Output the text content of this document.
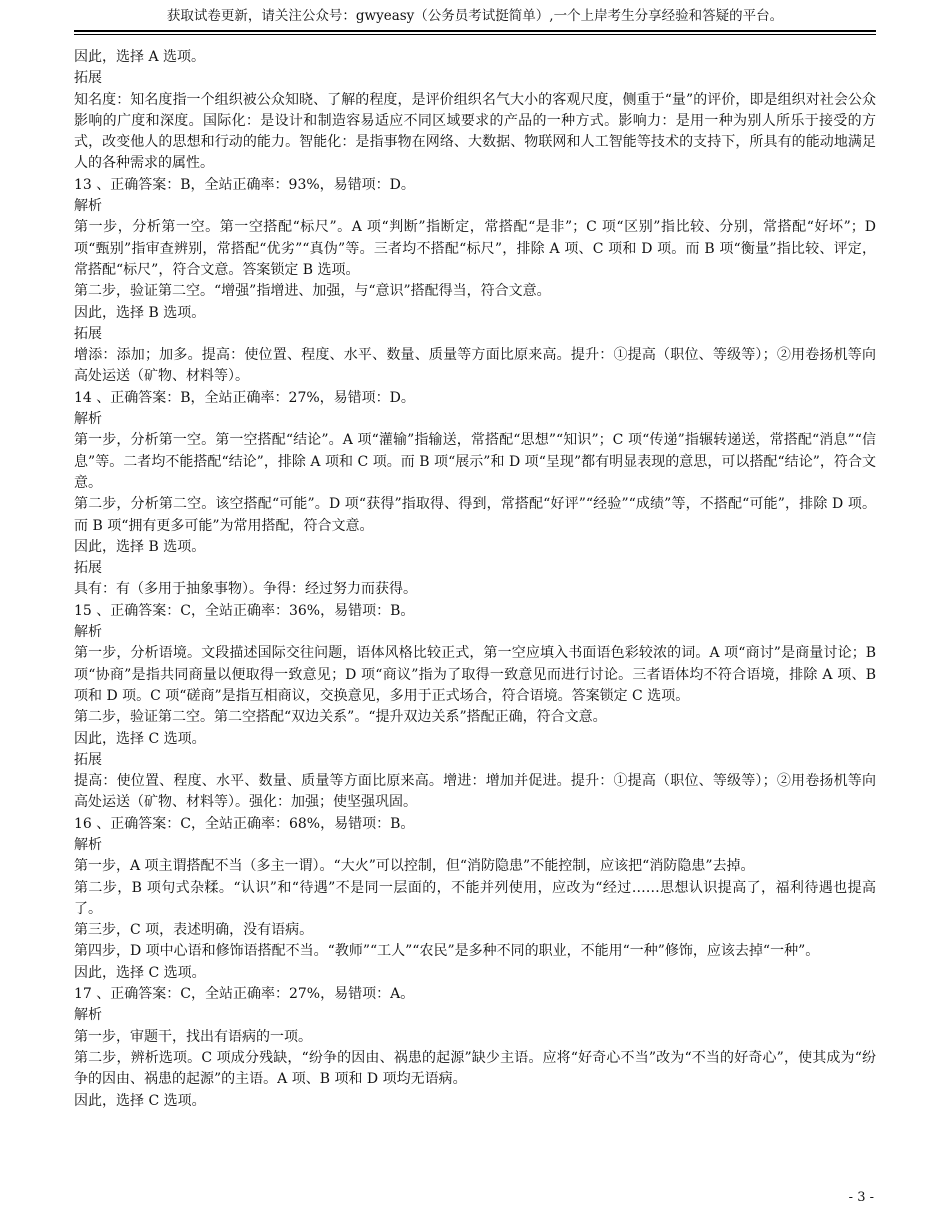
获取试卷更新，请关注公众号：gwyeasy（公务员考试挺简单）,一个上岸考生分享经验和答疑的平台。

因此，选择 A 选项。

拓展

知名度：知名度指一个组织被公众知晓、了解的程度，是评价组织名气大小的客观尺度，侧重于“量”的评价，即是组织对社会公众影响的广度和深度。国际化：是设计和制造容易适应不同区域要求的产品的一种方式。影响力：是用一种为别人所乐于接受的方式，改变他人的思想和行动的能力。智能化：是指事物在网络、大数据、物联网和人工智能等技术的支持下，所具有的能动地满足人的各种需求的属性。

13 、正确答案：B，全站正确率：93%，易错项：D。

解析

第一步，分析第一空。第一空搭配“标尺”。A 项“判断”指断定，常搭配“是非”；C 项“区别”指比较、分别，常搭配“好坏”；D 项“甄别”指审查辨别，常搭配“优劣”“真伪”等。三者均不搭配“标尺”，排除 A 项、C 项和 D 项。而 B 项“衡量”指比较、评定，常搭配“标尺”，符合文意。答案锁定 B 选项。

第二步，验证第二空。“增强”指增进、加强，与“意识”搭配得当，符合文意。

因此，选择 B 选项。

拓展

增添：添加；加多。提高：使位置、程度、水平、数量、质量等方面比原来高。提升：①提高（职位、等级等）；②用卷扬机等向高处运送（矿物、材料等）。

14 、正确答案：B，全站正确率：27%，易错项：D。

解析

第一步，分析第一空。第一空搭配“结论”。A 项“灌输”指输送，常搭配“思想”“知识”；C 项“传递”指辗转递送，常搭配“消息”“信息”等。二者均不能搭配“结论”，排除 A 项和 C 项。而 B 项“展示”和 D 项“呈现”都有明显表现的意思，可以搭配“结论”，符合文意。

第二步，分析第二空。该空搭配“可能”。D 项“获得”指取得、得到，常搭配“好评”“经验”“成绩”等，不搭配“可能”，排除 D 项。而 B 项“拥有更多可能”为常用搭配，符合文意。

因此，选择 B 选项。

拓展

具有：有（多用于抽象事物）。争得：经过努力而获得。

15 、正确答案：C，全站正确率：36%，易错项：B。

解析

第一步，分析语境。文段描述国际交往问题，语体风格比较正式，第一空应填入书面语色彩较浓的词。A 项“商讨”是商量讨论；B 项“协商”是指共同商量以便取得一致意见；D 项“商议”指为了取得一致意见而进行讨论。三者语体均不符合语境，排除 A 项、B 项和 D 项。C 项“磋商”是指互相商议，交换意见，多用于正式场合，符合语境。答案锁定 C 选项。

第二步，验证第二空。第二空搭配“双边关系”。“提升双边关系”搭配正确，符合文意。

因此，选择 C 选项。

拓展

提高：使位置、程度、水平、数量、质量等方面比原来高。增进：增加并促进。提升：①提高（职位、等级等）；②用卷扬机等向高处运送（矿物、材料等）。强化：加强；使坚强巩固。

16 、正确答案：C，全站正确率：68%，易错项：B。

解析

第一步，A 项主谓搭配不当（多主一谓）。“大火”可以控制，但“消防隐患”不能控制，应该把“消防隐患”去掉。

第二步，B 项句式杂糅。“认识”和“待遇”不是同一层面的，不能并列使用，应改为“经过……思想认识提高了，福利待遇也提高了。

第三步，C 项，表述明确，没有语病。

第四步，D 项中心语和修饰语搭配不当。“教师”“工人”“农民”是多种不同的职业，不能用“一种”修饰，应该去掉“一种”。

因此，选择 C 选项。

17 、正确答案：C，全站正确率：27%，易错项：A。

解析

第一步，审题干，找出有语病的一项。

第二步，辨析选项。C 项成分残缺，“纷争的因由、祸患的起源”缺少主语。应将“好奇心不当”改为“不当的好奇心”，使其成为“纷争的因由、祸患的起源”的主语。A 项、B 项和 D 项均无语病。

因此，选择 C 选项。

- 3 -
